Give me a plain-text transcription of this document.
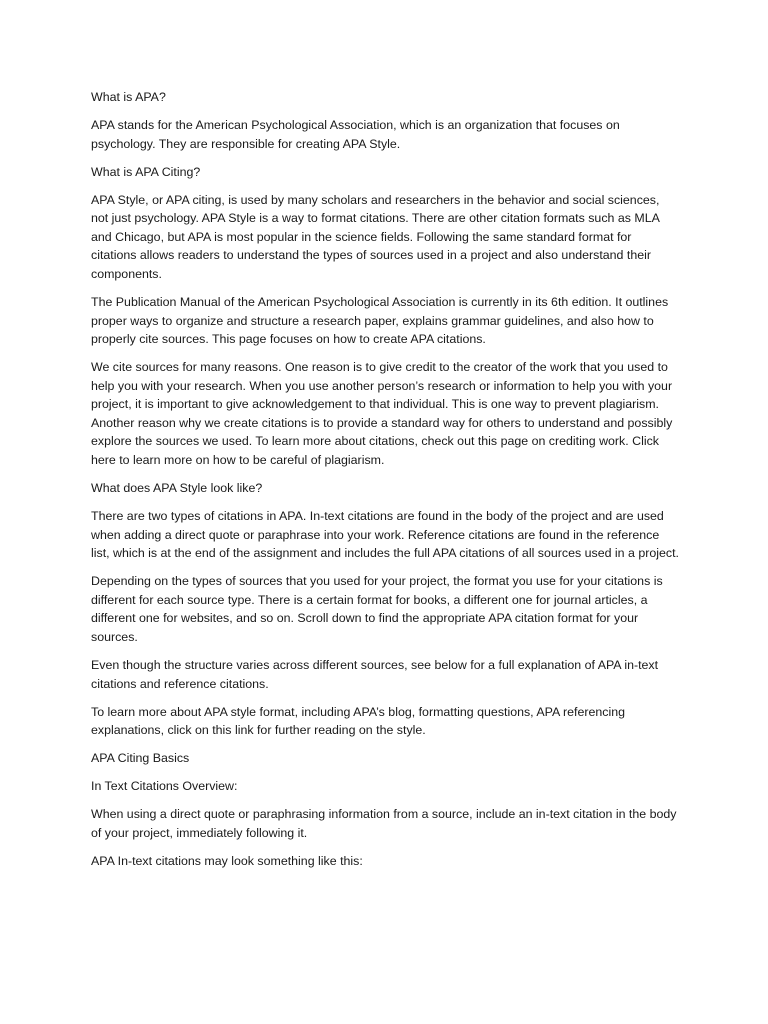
What is APA?

APA stands for the American Psychological Association, which is an organization that focuses on psychology. They are responsible for creating APA Style.

What is APA Citing?

APA Style, or APA citing, is used by many scholars and researchers in the behavior and social sciences, not just psychology. APA Style is a way to format citations. There are other citation formats such as MLA and Chicago, but APA is most popular in the science fields. Following the same standard format for citations allows readers to understand the types of sources used in a project and also understand their components.

The Publication Manual of the American Psychological Association is currently in its 6th edition. It outlines proper ways to organize and structure a research paper, explains grammar guidelines, and also how to properly cite sources. This page focuses on how to create APA citations.

We cite sources for many reasons. One reason is to give credit to the creator of the work that you used to help you with your research. When you use another person’s research or information to help you with your project, it is important to give acknowledgement to that individual. This is one way to prevent plagiarism. Another reason why we create citations is to provide a standard way for others to understand and possibly explore the sources we used. To learn more about citations, check out this page on crediting work. Click here to learn more on how to be careful of plagiarism.

What does APA Style look like?

There are two types of citations in APA. In-text citations are found in the body of the project and are used when adding a direct quote or paraphrase into your work. Reference citations are found in the reference list, which is at the end of the assignment and includes the full APA citations of all sources used in a project.

Depending on the types of sources that you used for your project, the format you use for your citations is different for each source type. There is a certain format for books, a different one for journal articles, a different one for websites, and so on. Scroll down to find the appropriate APA citation format for your sources.

Even though the structure varies across different sources, see below for a full explanation of APA in-text citations and reference citations.

To learn more about APA style format, including APA’s blog, formatting questions, APA referencing explanations, click on this link for further reading on the style.

APA Citing Basics

In Text Citations Overview:

When using a direct quote or paraphrasing information from a source, include an in-text citation in the body of your project, immediately following it.

APA In-text citations may look something like this:
